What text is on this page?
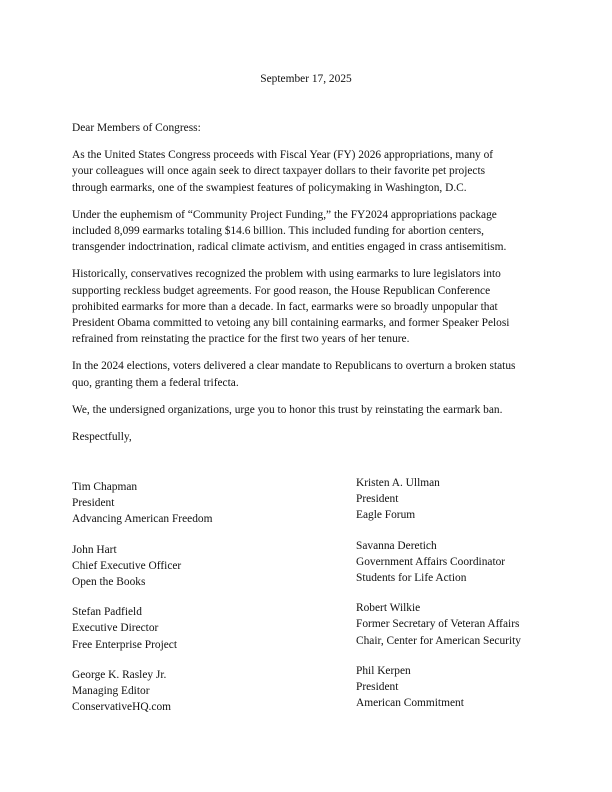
September 17, 2025

Dear Members of Congress:

As the United States Congress proceeds with Fiscal Year (FY) 2026 appropriations, many of
your colleagues will once again seek to direct taxpayer dollars to their favorite pet projects
through earmarks, one of the swampiest features of policymaking in Washington, D.C.

Under the euphemism of “Community Project Funding,” the FY2024 appropriations package
included 8,099 earmarks totaling $14.6 billion. This included funding for abortion centers,
transgender indoctrination, radical climate activism, and entities engaged in crass antisemitism.

Historically, conservatives recognized the problem with using earmarks to lure legislators into
supporting reckless budget agreements. For good reason, the House Republican Conference
prohibited earmarks for more than a decade. In fact, earmarks were so broadly unpopular that
President Obama committed to vetoing any bill containing earmarks, and former Speaker Pelosi
refrained from reinstating the practice for the first two years of her tenure.

In the 2024 elections, voters delivered a clear mandate to Republicans to overturn a broken status
quo, granting them a federal trifecta.

We, the undersigned organizations, urge you to honor this trust by reinstating the earmark ban.

Respectfully,

Tim Chapman
President
Advancing American Freedom
John Hart
Chief Executive Officer
Open the Books
Stefan Padfield
Executive Director
Free Enterprise Project
George K. Rasley Jr.
Managing Editor
ConservativeHQ.com
Kristen A. Ullman
President
Eagle Forum
Savanna Deretich
Government Affairs Coordinator
Students for Life Action
Robert Wilkie
Former Secretary of Veteran Affairs
Chair, Center for American Security
Phil Kerpen
President
American Commitment
